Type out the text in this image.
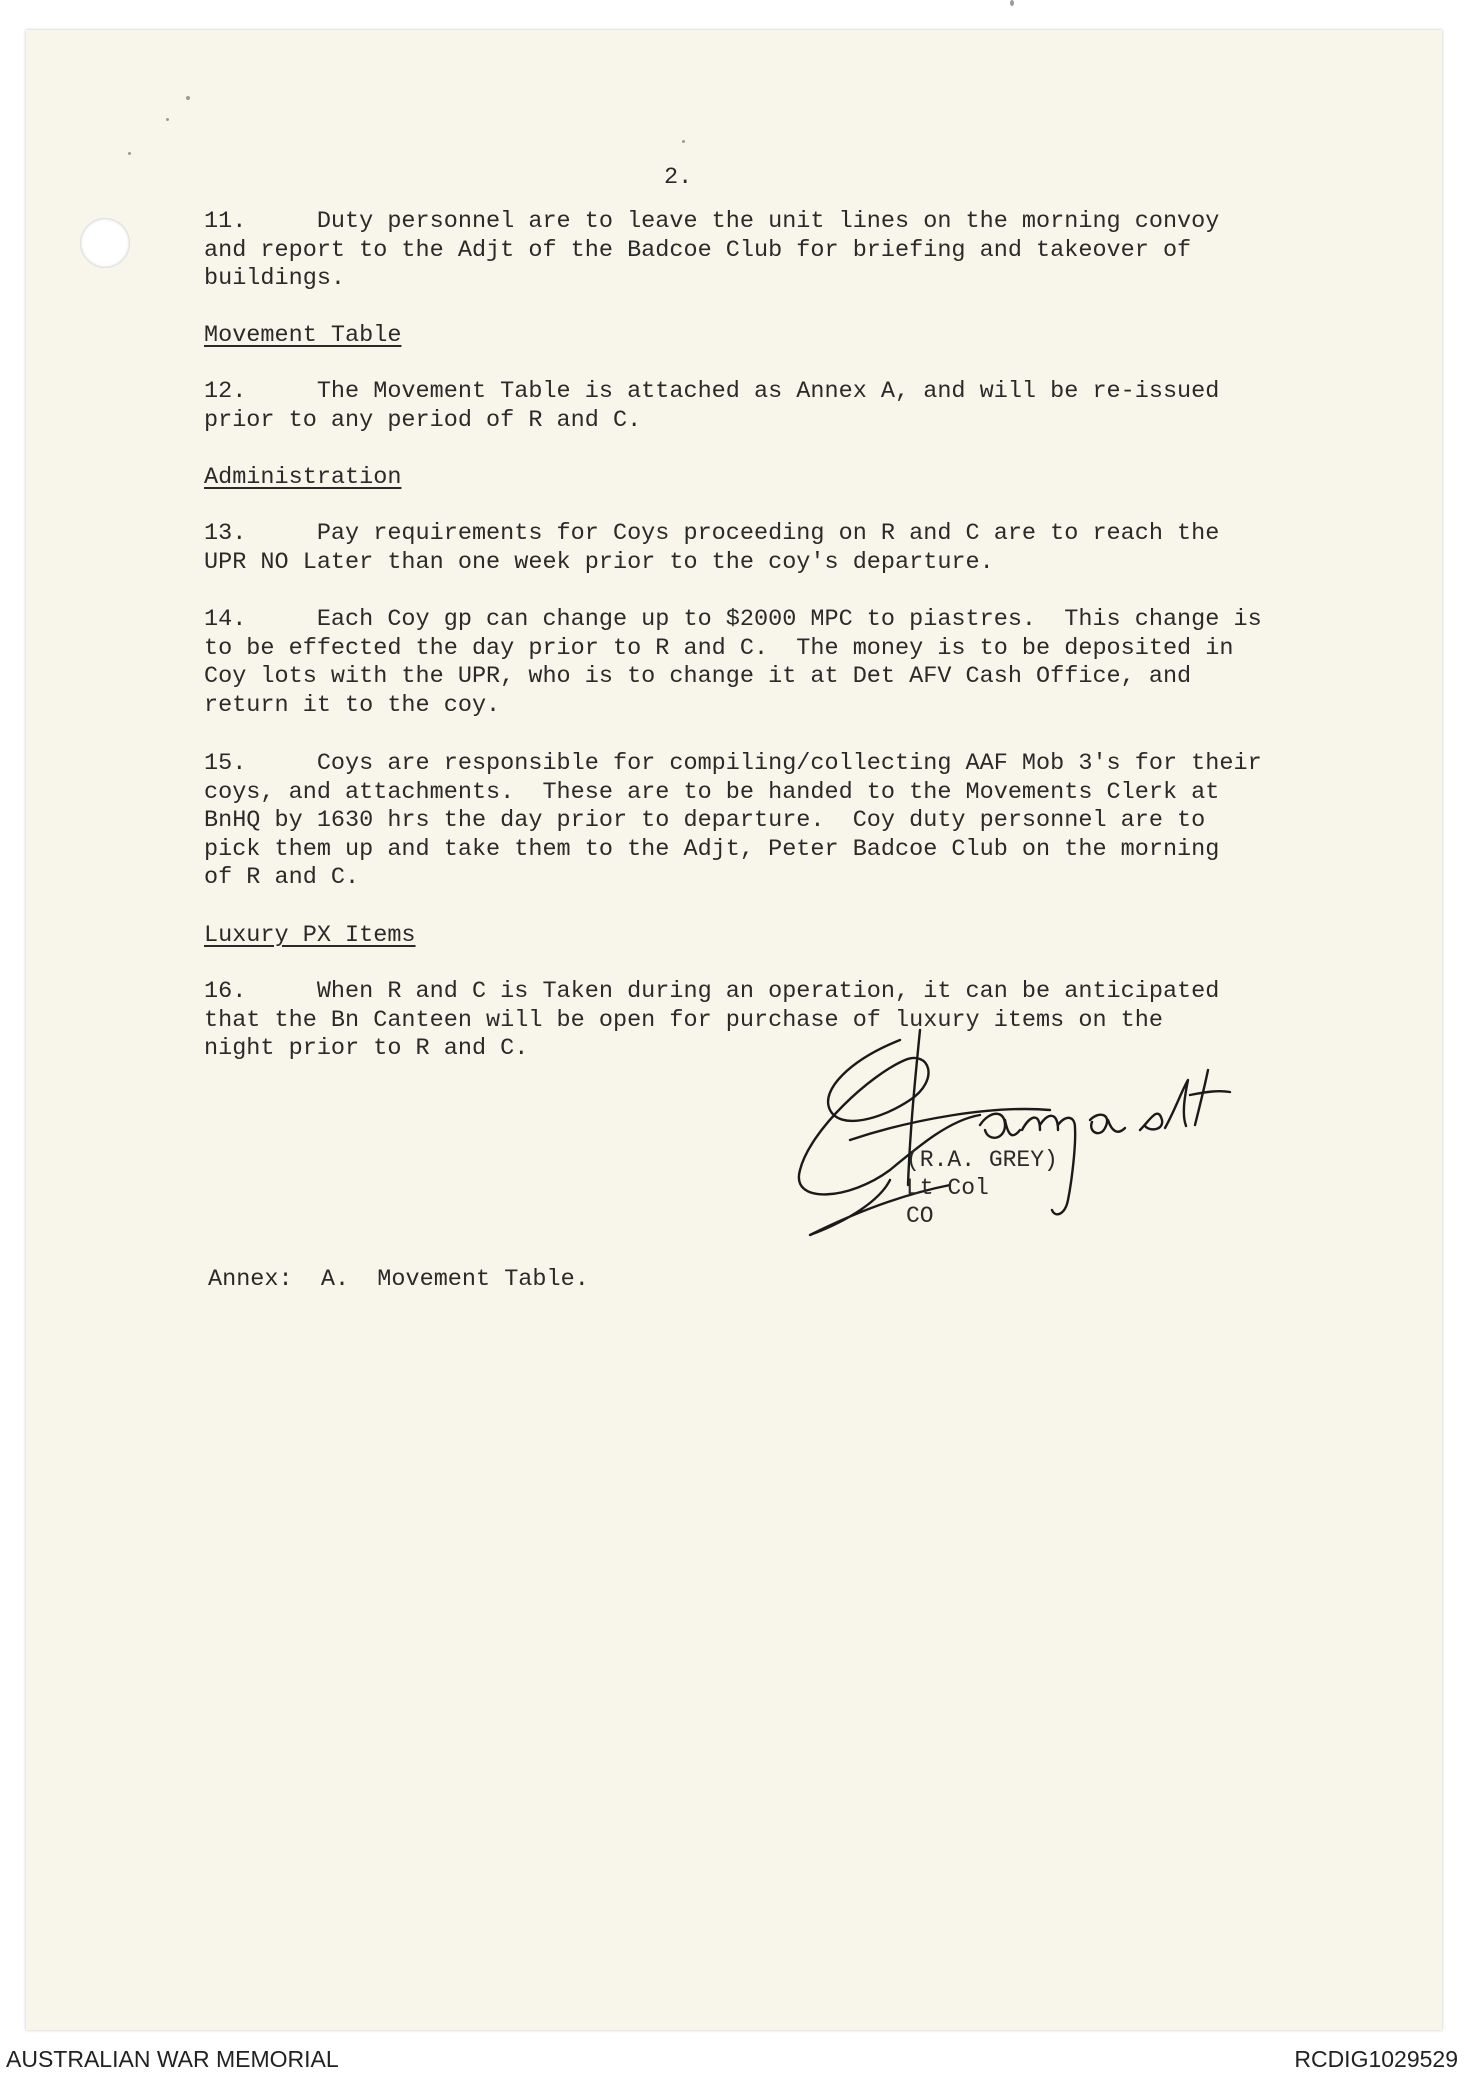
2.
11.     Duty personnel are to leave the unit lines on the morning convoy
and report to the Adjt of the Badcoe Club for briefing and takeover of
buildings.
Movement Table
12.     The Movement Table is attached as Annex A, and will be re-issued
prior to any period of R and C.
Administration
13.     Pay requirements for Coys proceeding on R and C are to reach the
UPR NO Later than one week prior to the coy's departure.
14.     Each Coy gp can change up to $2000 MPC to piastres.  This change is
to be effected the day prior to R and C.  The money is to be deposited in
Coy lots with the UPR, who is to change it at Det AFV Cash Office, and
return it to the coy.
15.     Coys are responsible for compiling/collecting AAF Mob 3's for their
coys, and attachments.  These are to be handed to the Movements Clerk at
BnHQ by 1630 hrs the day prior to departure.  Coy duty personnel are to
pick them up and take them to the Adjt, Peter Badcoe Club on the morning
of R and C.
Luxury PX Items
16.     When R and C is Taken during an operation, it can be anticipated
that the Bn Canteen will be open for purchase of luxury items on the
night prior to R and C.
(R.A. GREY)
Lt Col
CO
Annex: A. Movement Table.
AUSTRALIAN WAR MEMORIAL	RCDIG1029529
